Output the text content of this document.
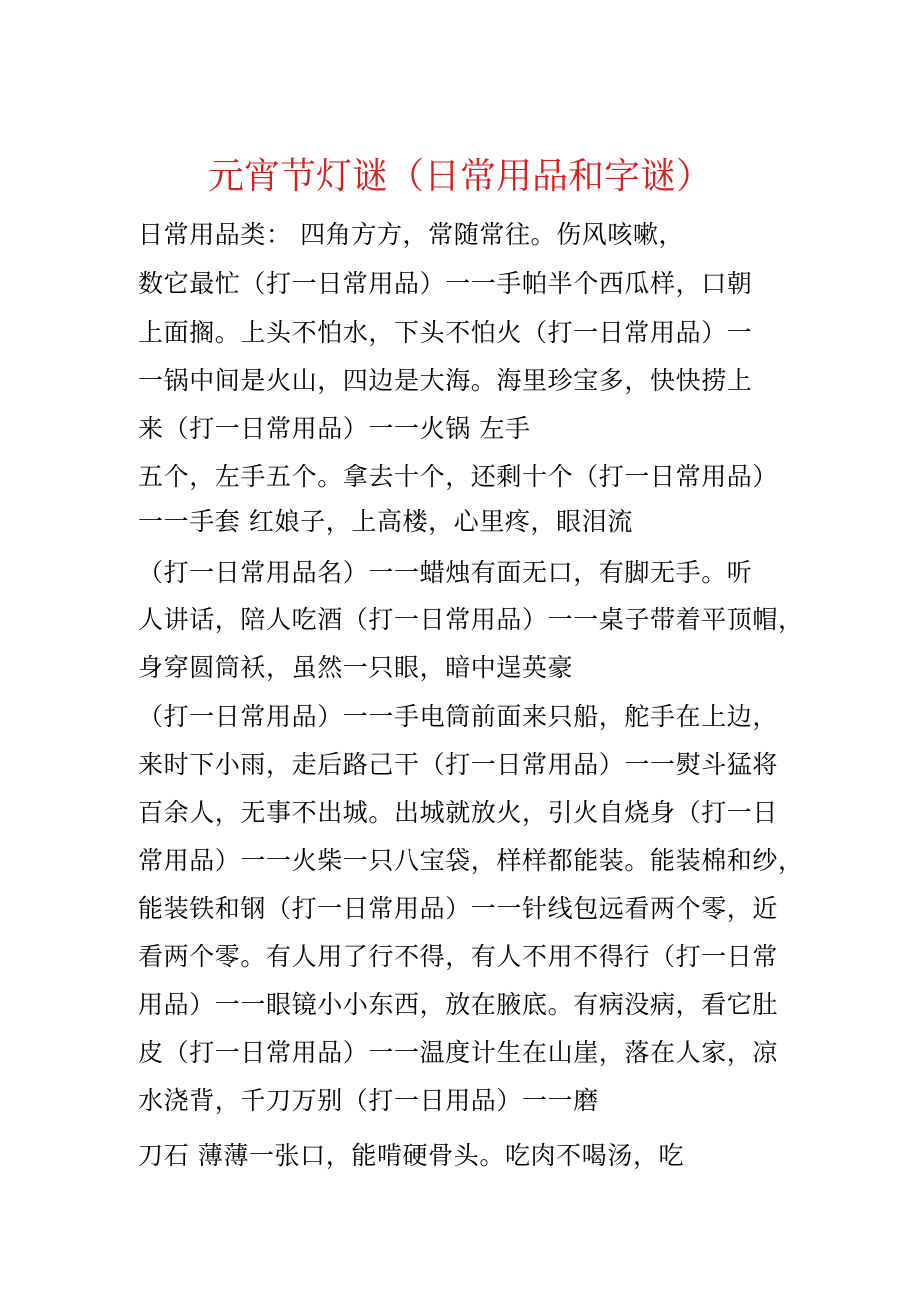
元宵节灯谜（日常用品和字谜）
日常用品类： 四角方方，常随常往。伤风咳嗽，
数它最忙（打一日常用品）一一手帕半个西瓜样，口朝
上面搁。上头不怕水，下头不怕火（打一日常用品）一
一锅中间是火山，四边是大海。海里珍宝多，快快捞上
来（打一日常用品）一一火锅 左手
五个，左手五个。拿去十个，还剩十个（打一日常用品）
一一手套 红娘子，上高楼，心里疼，眼泪流
（打一日常用品名）一一蜡烛有面无口，有脚无手。听
人讲话，陪人吃酒（打一日常用品）一一桌子带着平顶帽，
身穿圆筒袄，虽然一只眼，暗中逞英豪
（打一日常用品）一一手电筒前面来只船，舵手在上边，
来时下小雨，走后路己干（打一日常用品）一一熨斗猛将
百余人，无事不出城。出城就放火，引火自烧身（打一日
常用品）一一火柴一只八宝袋，样样都能装。能装棉和纱，
能装铁和钢（打一日常用品）一一针线包远看两个零，近
看两个零。有人用了行不得，有人不用不得行（打一日常
用品）一一眼镜小小东西，放在腋底。有病没病，看它肚
皮（打一日常用品）一一温度计生在山崖，落在人家，凉
水浇背，千刀万别（打一日用品）一一磨
刀石 薄薄一张口，能啃硬骨头。吃肉不喝汤，吃
